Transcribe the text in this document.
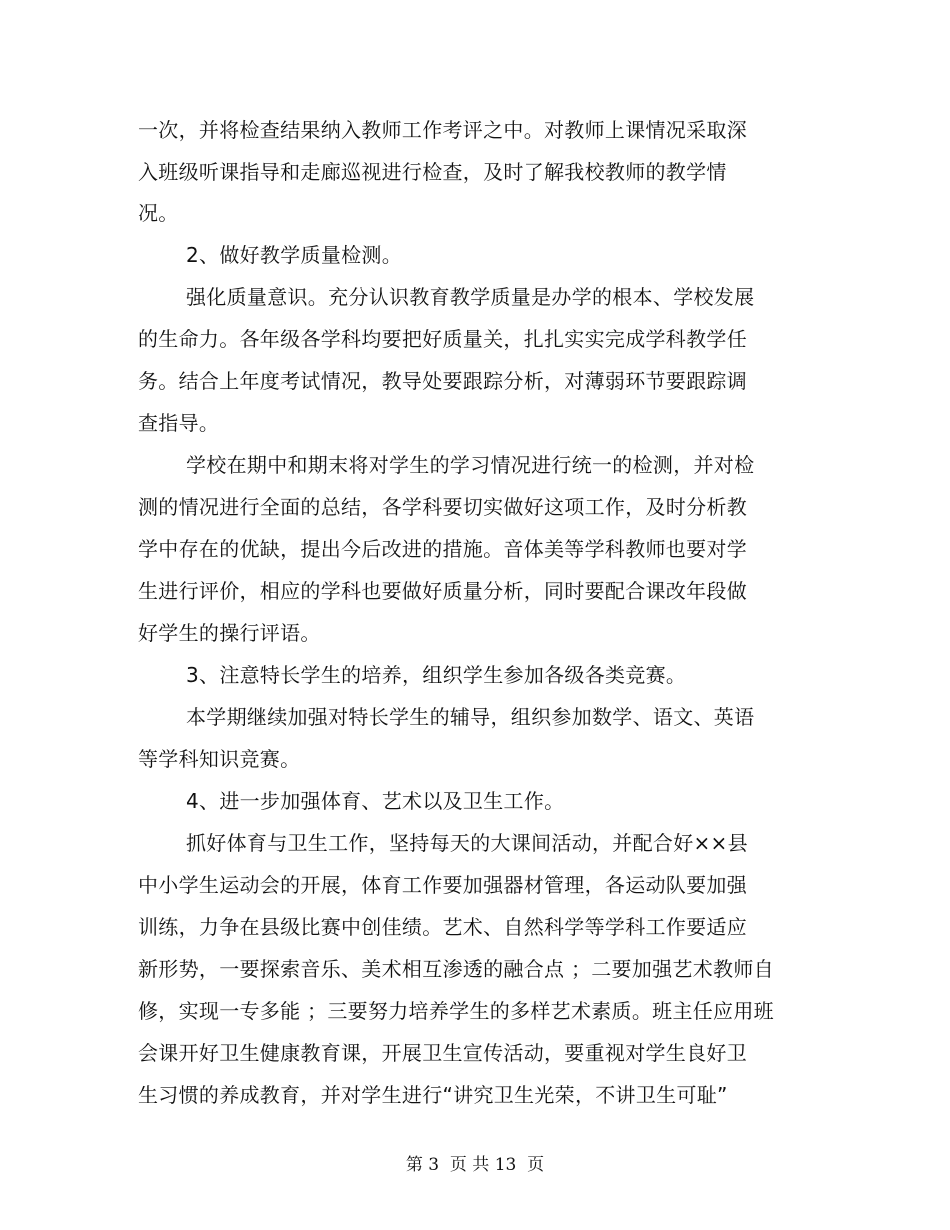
一次，并将检查结果纳入教师工作考评之中。对教师上课情况采取深
入班级听课指导和走廊巡视进行检查，及时了解我校教师的教学情
况。
2、做好教学质量检测。
强化质量意识。充分认识教育教学质量是办学的根本、学校发展
的生命力。各年级各学科均要把好质量关，扎扎实实完成学科教学任
务。结合上年度考试情况，教导处要跟踪分析，对薄弱环节要跟踪调
查指导。
学校在期中和期末将对学生的学习情况进行统一的检测，并对检
测的情况进行全面的总结，各学科要切实做好这项工作，及时分析教
学中存在的优缺，提出今后改进的措施。音体美等学科教师也要对学
生进行评价，相应的学科也要做好质量分析，同时要配合课改年段做
好学生的操行评语。
3、注意特长学生的培养，组织学生参加各级各类竞赛。
本学期继续加强对特长学生的辅导，组织参加数学、语文、英语
等学科知识竞赛。
4、进一步加强体育、艺术以及卫生工作。
抓好体育与卫生工作，坚持每天的大课间活动，并配合好××县
中小学生运动会的开展，体育工作要加强器材管理，各运动队要加强
训练，力争在县级比赛中创佳绩。艺术、自然科学等学科工作要适应
新形势，一要探索音乐、美术相互渗透的融合点 ；二要加强艺术教师自
修，实现一专多能 ；三要努力培养学生的多样艺术素质。班主任应用班
会课开好卫生健康教育课，开展卫生宣传活动，要重视对学生良好卫
生习惯的养成教育，并对学生进行“讲究卫生光荣，不讲卫生可耻”
第 3  页 共 13  页
